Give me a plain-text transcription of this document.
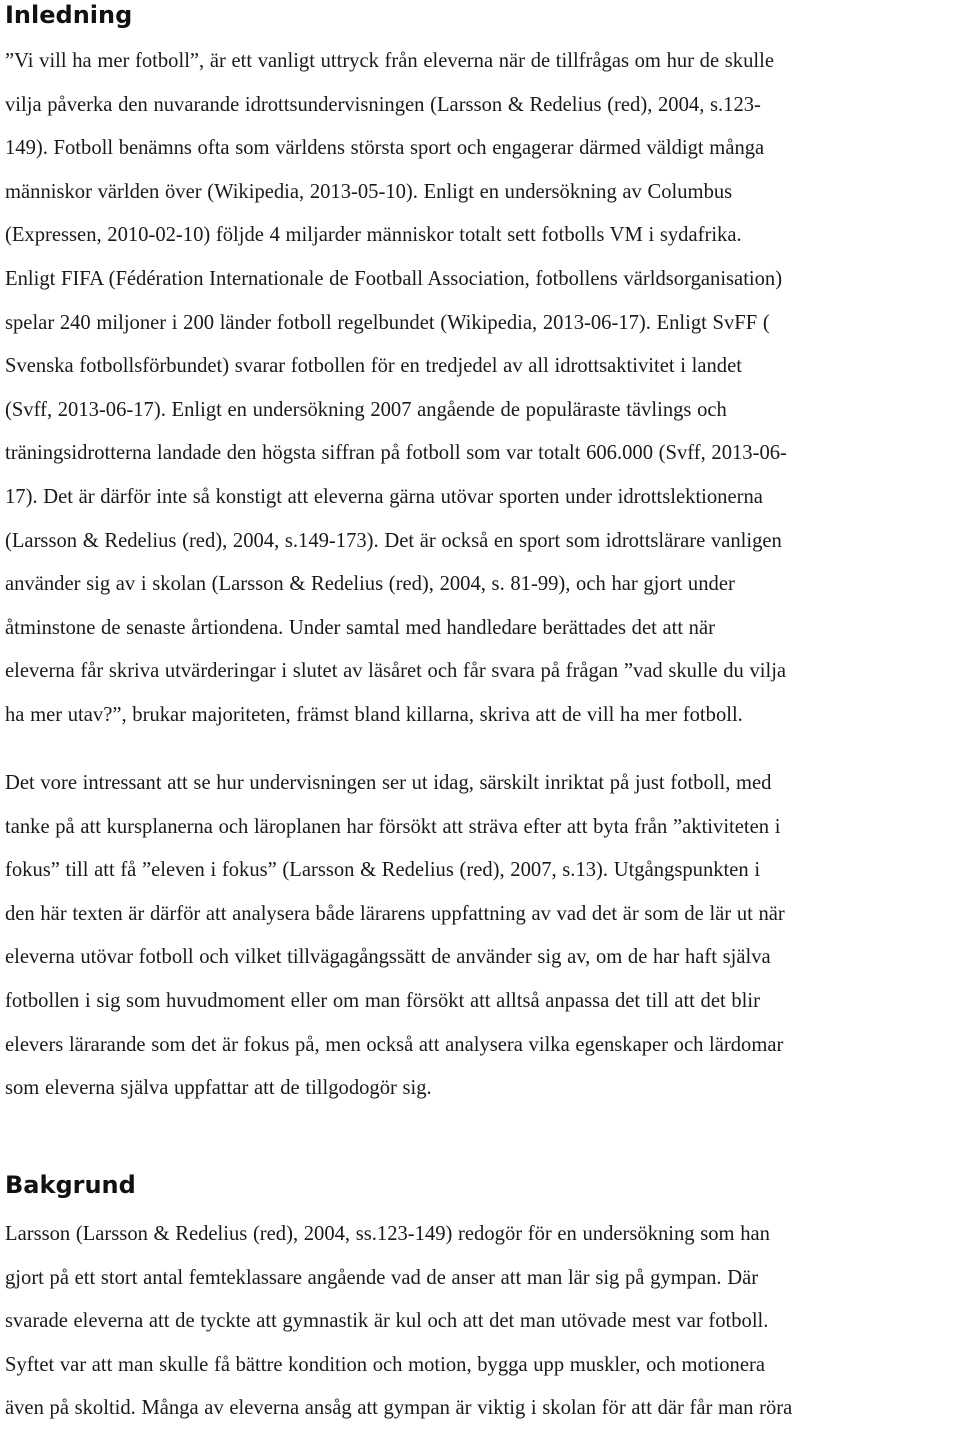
Inledning

”Vi vill ha mer fotboll”, är ett vanligt uttryck från eleverna när de tillfrågas om hur de skulle
vilja påverka den nuvarande idrottsundervisningen (Larsson & Redelius (red), 2004, s.123-
149). Fotboll benämns ofta som världens största sport och engagerar därmed väldigt många
människor världen över (Wikipedia, 2013-05-10). Enligt en undersökning av Columbus
(Expressen, 2010-02-10) följde 4 miljarder människor totalt sett fotbolls VM i sydafrika.
Enligt FIFA (Fédération Internationale de Football Association, fotbollens världsorganisation)
spelar 240 miljoner i 200 länder fotboll regelbundet (Wikipedia, 2013-06-17). Enligt SvFF (
Svenska fotbollsförbundet) svarar fotbollen för en tredjedel av all idrottsaktivitet i landet
(Svff, 2013-06-17). Enligt en undersökning 2007 angående de populäraste tävlings och
träningsidrotterna landade den högsta siffran på fotboll som var totalt 606.000 (Svff, 2013-06-
17). Det är därför inte så konstigt att eleverna gärna utövar sporten under idrottslektionerna
(Larsson & Redelius (red), 2004, s.149-173). Det är också en sport som idrottslärare vanligen
använder sig av i skolan (Larsson & Redelius (red), 2004, s. 81-99), och har gjort under
åtminstone de senaste årtiondena. Under samtal med handledare berättades det att när
eleverna får skriva utvärderingar i slutet av läsåret och får svara på frågan ”vad skulle du vilja
ha mer utav?”, brukar majoriteten, främst bland killarna, skriva att de vill ha mer fotboll.

Det vore intressant att se hur undervisningen ser ut idag, särskilt inriktat på just fotboll, med
tanke på att kursplanerna och läroplanen har försökt att sträva efter att byta från ”aktiviteten i
fokus” till att få ”eleven i fokus” (Larsson & Redelius (red), 2007, s.13). Utgångspunkten i
den här texten är därför att analysera både lärarens uppfattning av vad det är som de lär ut när
eleverna utövar fotboll och vilket tillvägagångssätt de använder sig av, om de har haft själva
fotbollen i sig som huvudmoment eller om man försökt att alltså anpassa det till att det blir
elevers lärarande som det är fokus på, men också att analysera vilka egenskaper och lärdomar
som eleverna själva uppfattar att de tillgodogör sig.

Bakgrund

Larsson (Larsson & Redelius (red), 2004, ss.123-149) redogör för en undersökning som han
gjort på ett stort antal femteklassare angående vad de anser att man lär sig på gympan. Där
svarade eleverna att de tyckte att gymnastik är kul och att det man utövade mest var fotboll.
Syftet var att man skulle få bättre kondition och motion, bygga upp muskler, och motionera
även på skoltid. Många av eleverna ansåg att gympan är viktig i skolan för att där får man röra
